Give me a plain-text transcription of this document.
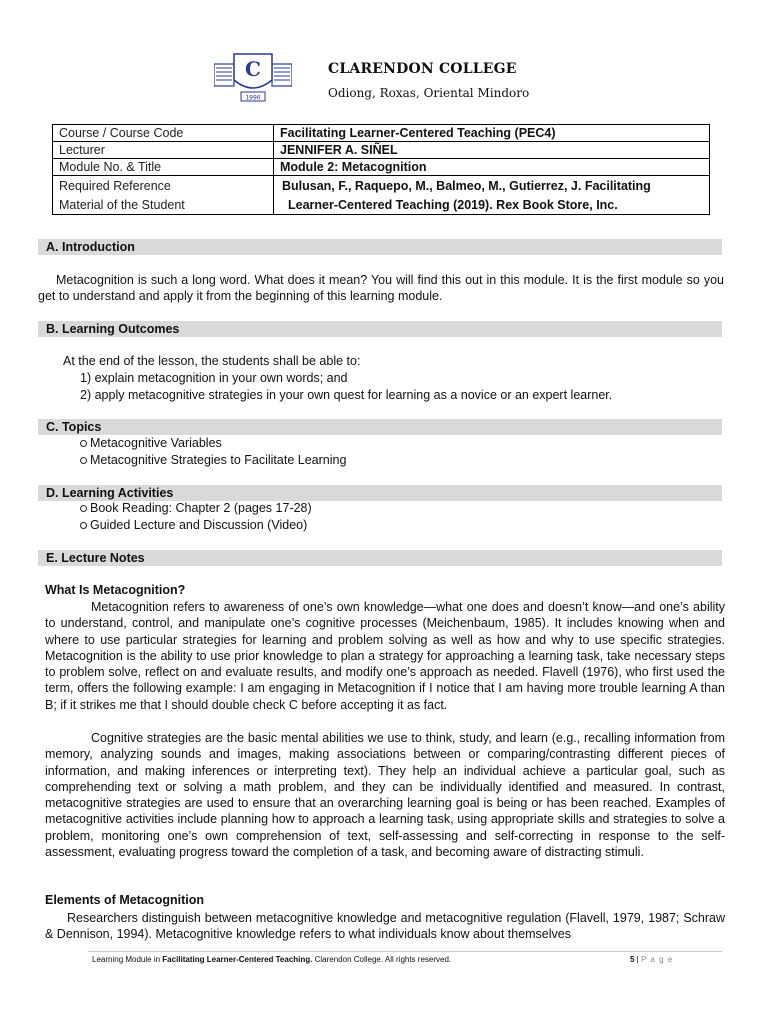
C
1996
CLARENDON COLLEGE
Odiong, Roxas, Oriental Mindoro
Course / Course Code	Facilitating Learner-Centered Teaching (PEC4)
Lecturer	JENNIFER A. SIÑEL
Module No. & Title	Module 2: Metacognition
Required Reference	Bulusan, F., Raquepo, M., Balmeo, M., Gutierrez, J. Facilitating
Material of the Student	Learner-Centered Teaching (2019). Rex Book Store, Inc.
A. Introduction
Metacognition is such a long word. What does it mean? You will find this out in this module. It is the first module so you get to understand and apply it from the beginning of this learning module.
B. Learning Outcomes
At the end of the lesson, the students shall be able to:
1) explain metacognition in your own words; and
2) apply metacognitive strategies in your own quest for learning as a novice or an expert learner.
C. Topics
Metacognitive Variables
Metacognitive Strategies to Facilitate Learning
D. Learning Activities
Book Reading: Chapter 2 (pages 17-28)
Guided Lecture and Discussion (Video)
E. Lecture Notes
What Is Metacognition?
Metacognition refers to awareness of one’s own knowledge—what one does and doesn’t know—and one’s ability to understand, control, and manipulate one’s cognitive processes (Meichenbaum, 1985). It includes knowing when and where to use particular strategies for learning and problem solving as well as how and why to use specific strategies. Metacognition is the ability to use prior knowledge to plan a strategy for approaching a learning task, take necessary steps to problem solve, reflect on and evaluate results, and modify one’s approach as needed. Flavell (1976), who first used the term, offers the following example: I am engaging in Metacognition if I notice that I am having more trouble learning A than B; if it strikes me that I should double check C before accepting it as fact.
Cognitive strategies are the basic mental abilities we use to think, study, and learn (e.g., recalling information from memory, analyzing sounds and images, making associations between or comparing/contrasting different pieces of information, and making inferences or interpreting text). They help an individual achieve a particular goal, such as comprehending text or solving a math problem, and they can be individually identified and measured. In contrast, metacognitive strategies are used to ensure that an overarching learning goal is being or has been reached. Examples of metacognitive activities include planning how to approach a learning task, using appropriate skills and strategies to solve a problem, monitoring one’s own comprehension of text, self-assessing and self-correcting in response to the self-assessment, evaluating progress toward the completion of a task, and becoming aware of distracting stimuli.
Elements of Metacognition
Researchers distinguish between metacognitive knowledge and metacognitive regulation (Flavell, 1979, 1987; Schraw & Dennison, 1994). Metacognitive knowledge refers to what individuals know about themselves
Learning Module in Facilitating Learner-Centered Teaching. Clarendon College. All rights reserved.	5 | P a g e
